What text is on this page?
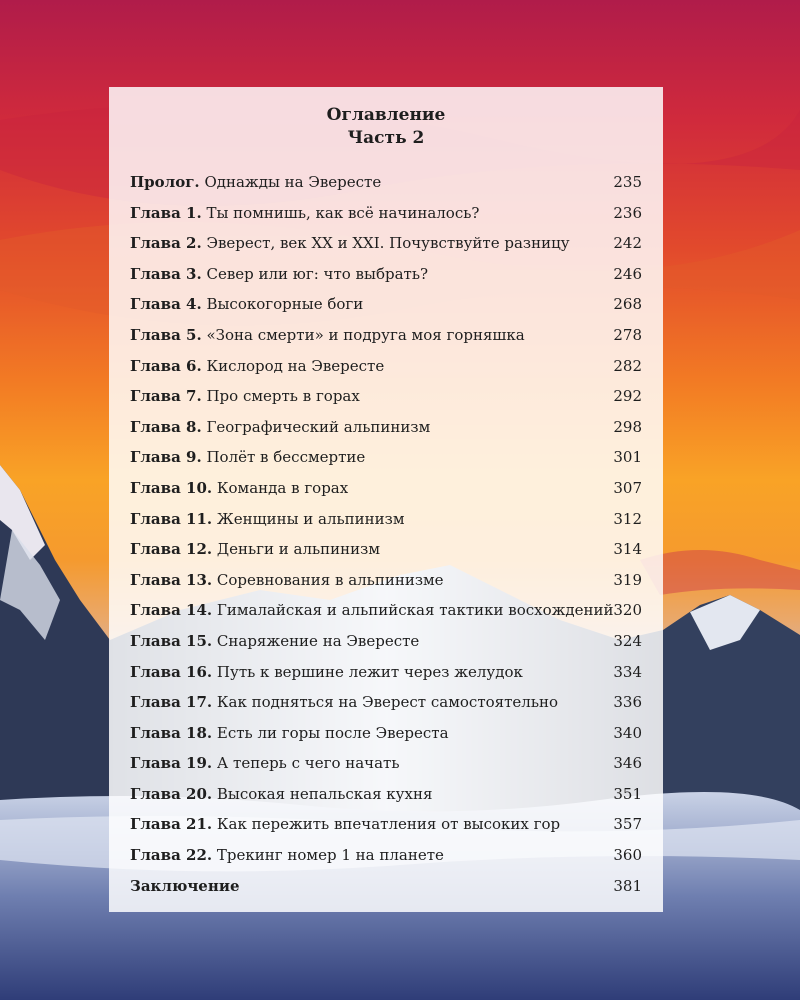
Оглавление
Часть 2
Пролог. Однажды на Эвересте	235
Глава 1. Ты помнишь, как всё начиналось?	236
Глава 2. Эверест, век XX и XXI. Почувствуйте разницу	242
Глава 3. Север или юг: что выбрать?	246
Глава 4. Высокогорные боги	268
Глава 5. «Зона смерти» и подруга моя горняшка	278
Глава 6. Кислород на Эвересте	282
Глава 7. Про смерть в горах	292
Глава 8. Географический альпинизм	298
Глава 9. Полёт в бессмертие	301
Глава 10. Команда в горах	307
Глава 11. Женщины и альпинизм	312
Глава 12. Деньги и альпинизм	314
Глава 13. Соревнования в альпинизме	319
Глава 14. Гималайская и альпийская тактики восхождений 320
Глава 15. Снаряжение на Эвересте	324
Глава 16. Путь к вершине лежит через желудок	334
Глава 17. Как подняться на Эверест самостоятельно	336
Глава 18. Есть ли горы после Эвереста	340
Глава 19. А теперь с чего начать	346
Глава 20. Высокая непальская кухня	351
Глава 21. Как пережить впечатления от высоких гор	357
Глава 22. Трекинг номер 1 на планете	360
Заключение	381
